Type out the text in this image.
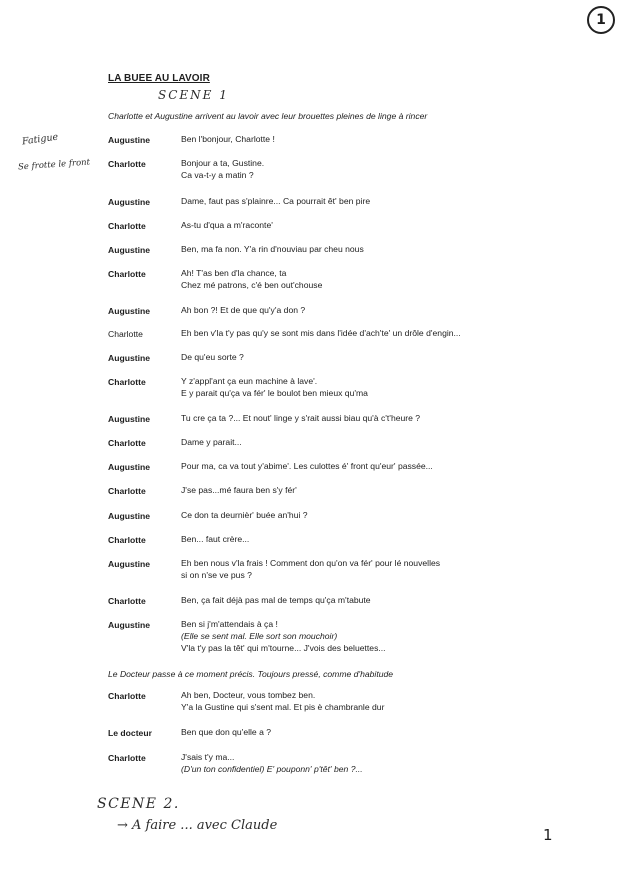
1
LA BUEE AU LAVOIR
SCENE 1
Charlotte et Augustine arrivent au lavoir avec leur brouettes pleines de linge à rincer
Fatigue
Se frotte le front
Augustine	Ben l'bonjour, Charlotte !
Charlotte	Bonjour a ta, Gustine.
Ca va-t-y a matin ?
Augustine	Dame, faut pas s'plainre... Ca pourrait êt' ben pire
Charlotte	As-tu d'qua a m'raconte'
Augustine	Ben, ma fa non. Y'a rin d'nouviau par cheu nous
Charlotte	Ah! T'as ben d'la chance, ta
Chez mé patrons, c'é ben out'chouse
Augustine	Ah bon ?! Et de que qu'y'a don ?
Charlotte	Eh ben v'la t'y pas qu'y se sont mis dans l'idée d'ach'te' un drôle d'engin...
Augustine	De qu'eu sorte ?
Charlotte	Y z'appl'ant ça eun machine à lave'.
E y parait qu'ça va fér' le boulot ben mieux qu'ma
Augustine	Tu cre ça ta ?... Et nout' linge y s'rait aussi biau qu'à c't'heure ?
Charlotte	Dame y parait...
Augustine	Pour ma, ca va tout y'abime'. Les culottes é' front qu'eur' passée...
Charlotte	J'se pas...mé faura ben s'y fér'
Augustine	Ce don ta deurnièr' buée an'hui ?
Charlotte	Ben... faut crère...
Augustine	Eh ben nous v'la frais ! Comment don qu'on va fér' pour lé nouvelles
si on n'se ve pus ?
Charlotte	Ben, ça fait déjà pas mal de temps qu'ça m'tabute
Augustine	Ben si j'm'attendais à ça !
(Elle se sent mal. Elle sort son mouchoir)
V'la t'y pas la têt' qui m'tourne... J'vois des beluettes...
Le Docteur passe à ce moment précis. Toujours pressé, comme d'habitude
Charlotte	Ah ben, Docteur, vous tombez ben.
Y'a la Gustine qui s'sent mal. Et pis è chambranle dur
Le docteur	Ben que don qu'elle a ?
Charlotte	J'sais t'y ma...
(D'un ton confidentiel) E' pouponn' p'têt' ben ?...
SCENE 2.
→ A faire ... avec Claude
1
